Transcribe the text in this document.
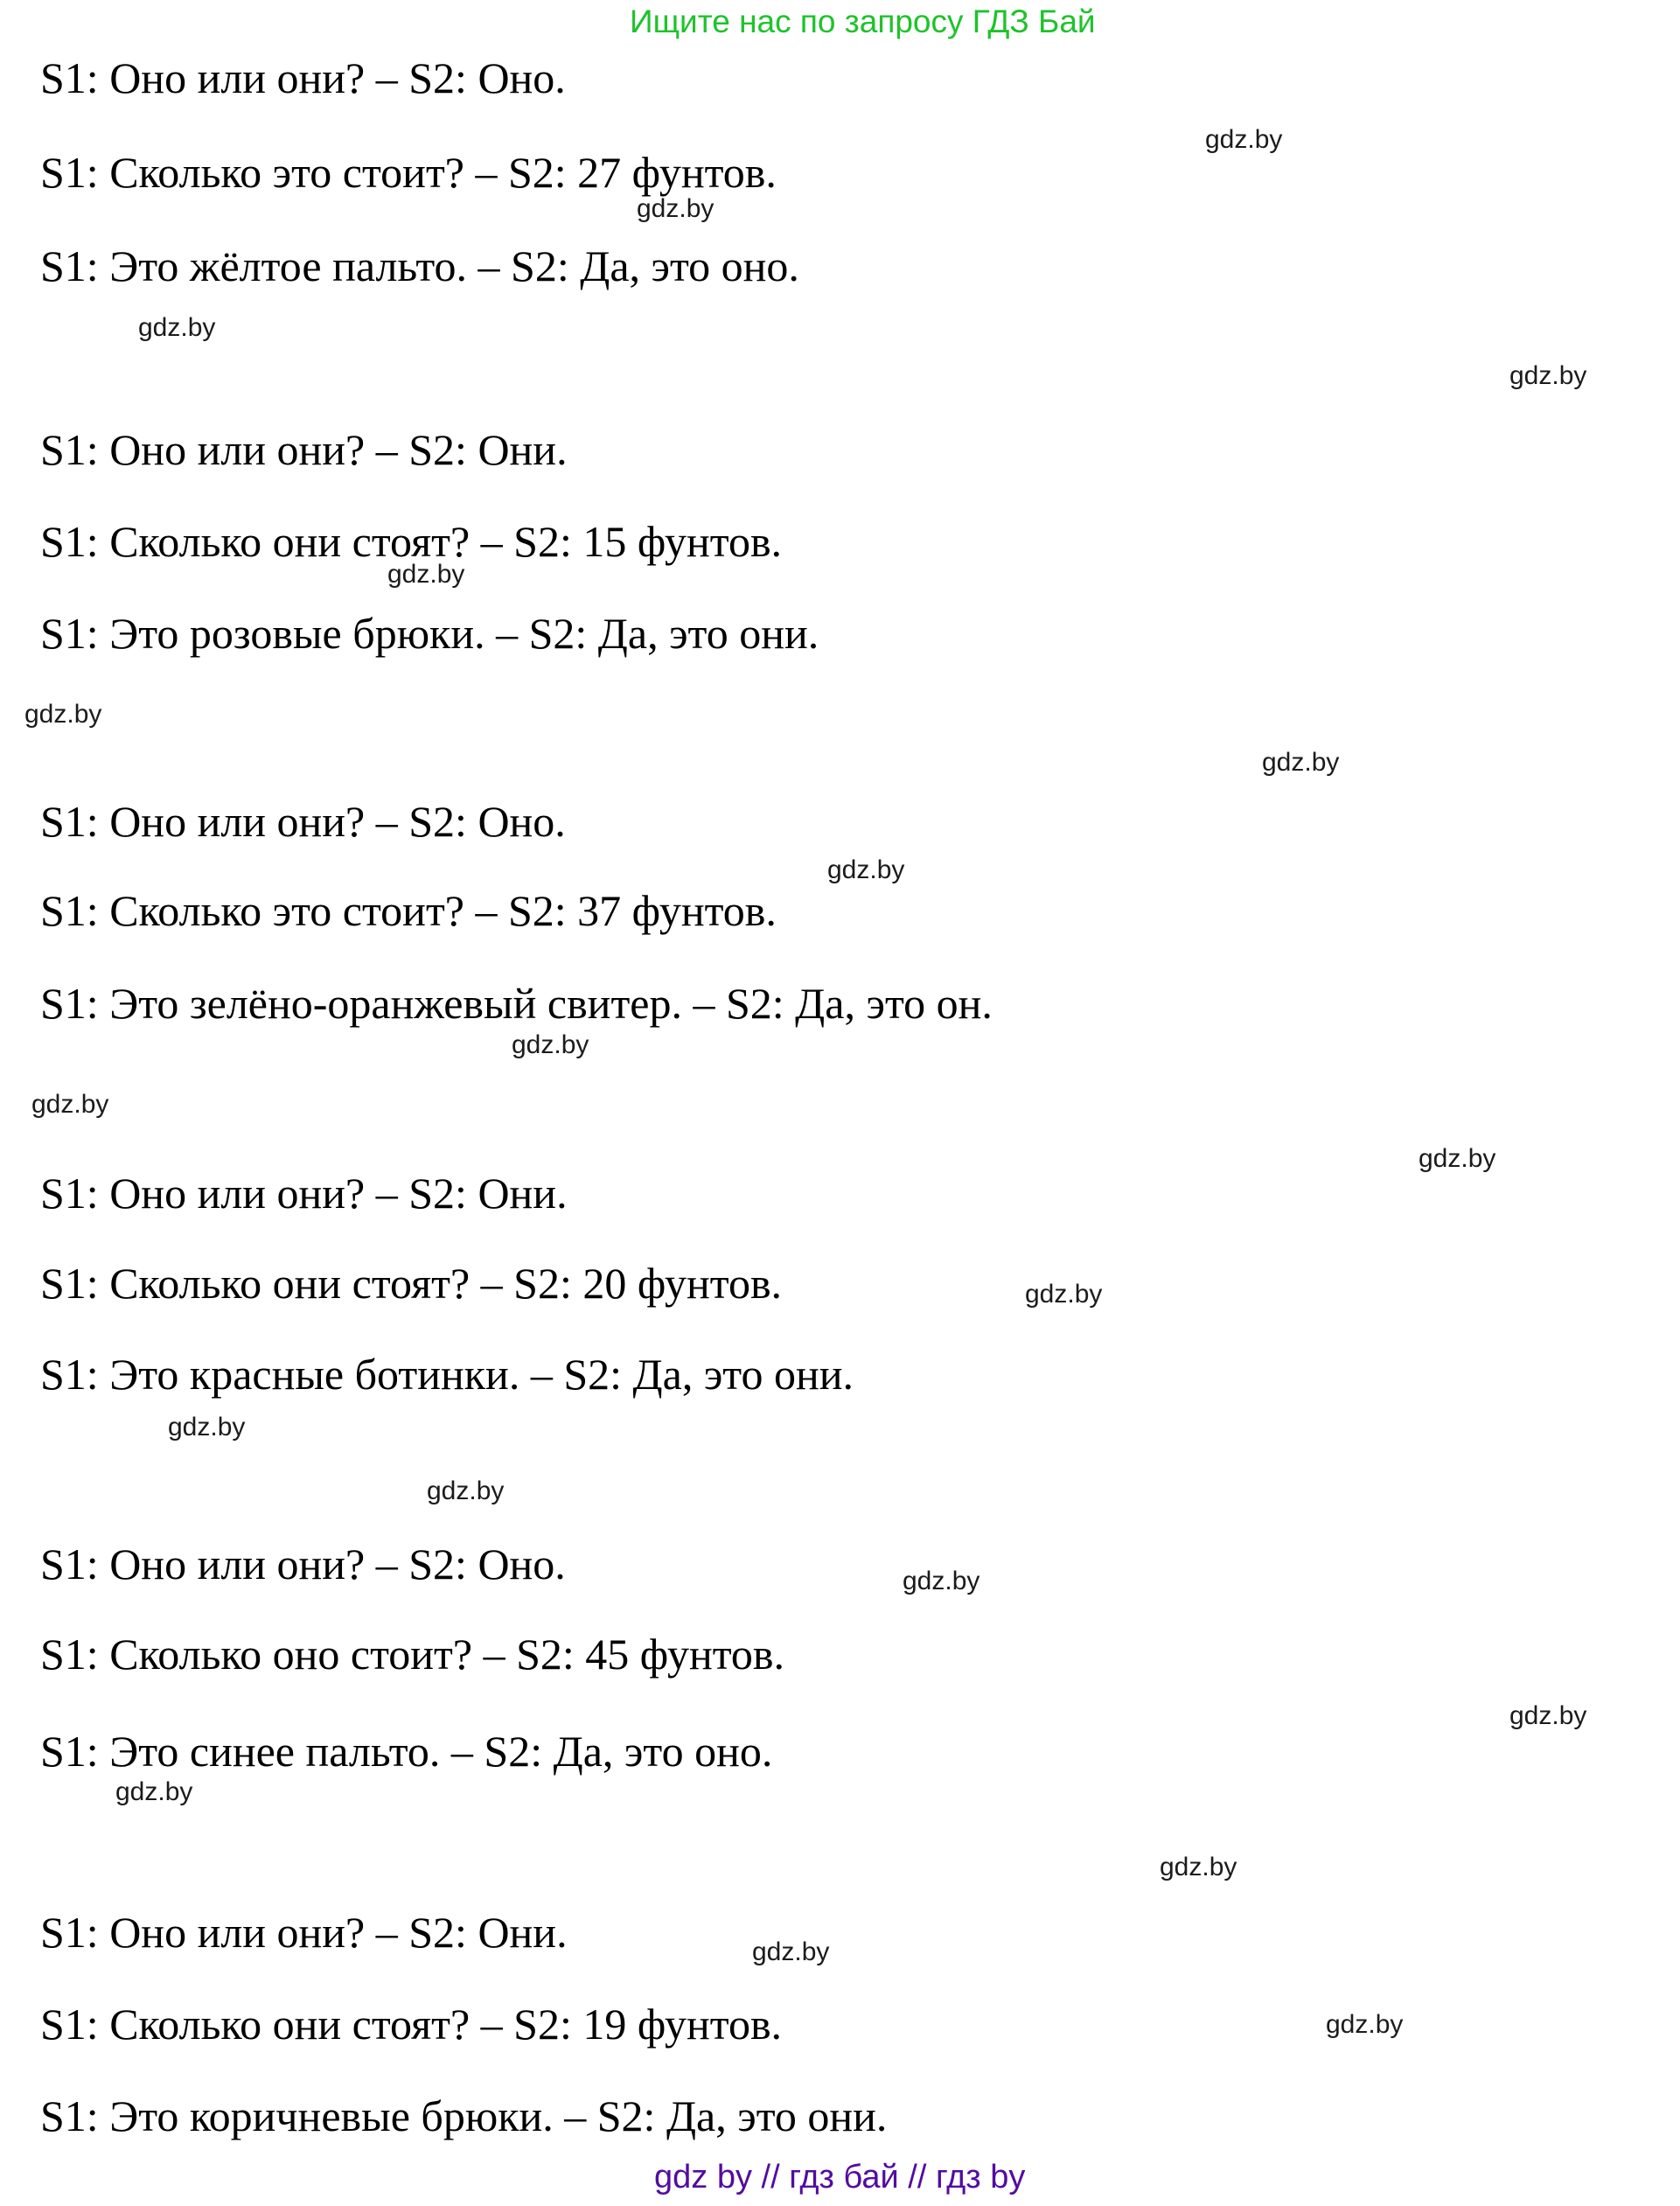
Ищите нас по запросу ГДЗ Бай
S1: Оно или они? – S2: Оно.
S1: Сколько это стоит? – S2: 27 фунтов.
S1: Это жёлтое пальто. – S2: Да, это оно.
S1: Оно или они? – S2: Они.
S1: Сколько они стоят? – S2: 15 фунтов.
S1: Это розовые брюки. – S2: Да, это они.
S1: Оно или они? – S2: Оно.
S1: Сколько это стоит? – S2: 37 фунтов.
S1: Это зелёно-оранжевый свитер. – S2: Да, это он.
S1: Оно или они? – S2: Они.
S1: Сколько они стоят? – S2: 20 фунтов.
S1: Это красные ботинки. – S2: Да, это они.
S1: Оно или они? – S2: Оно.
S1: Сколько оно стоит? – S2: 45 фунтов.
S1: Это синее пальто. – S2: Да, это оно.
S1: Оно или они? – S2: Они.
S1: Сколько они стоят? – S2: 19 фунтов.
S1: Это коричневые брюки. – S2: Да, это они.
gdz.by
gdz.by
gdz.by
gdz.by
gdz.by
gdz.by
gdz.by
gdz.by
gdz.by
gdz.by
gdz.by
gdz.by
gdz.by
gdz.by
gdz.by
gdz.by
gdz.by
gdz.by
gdz.by
gdz.by
gdz by // гдз бай // гдз by
